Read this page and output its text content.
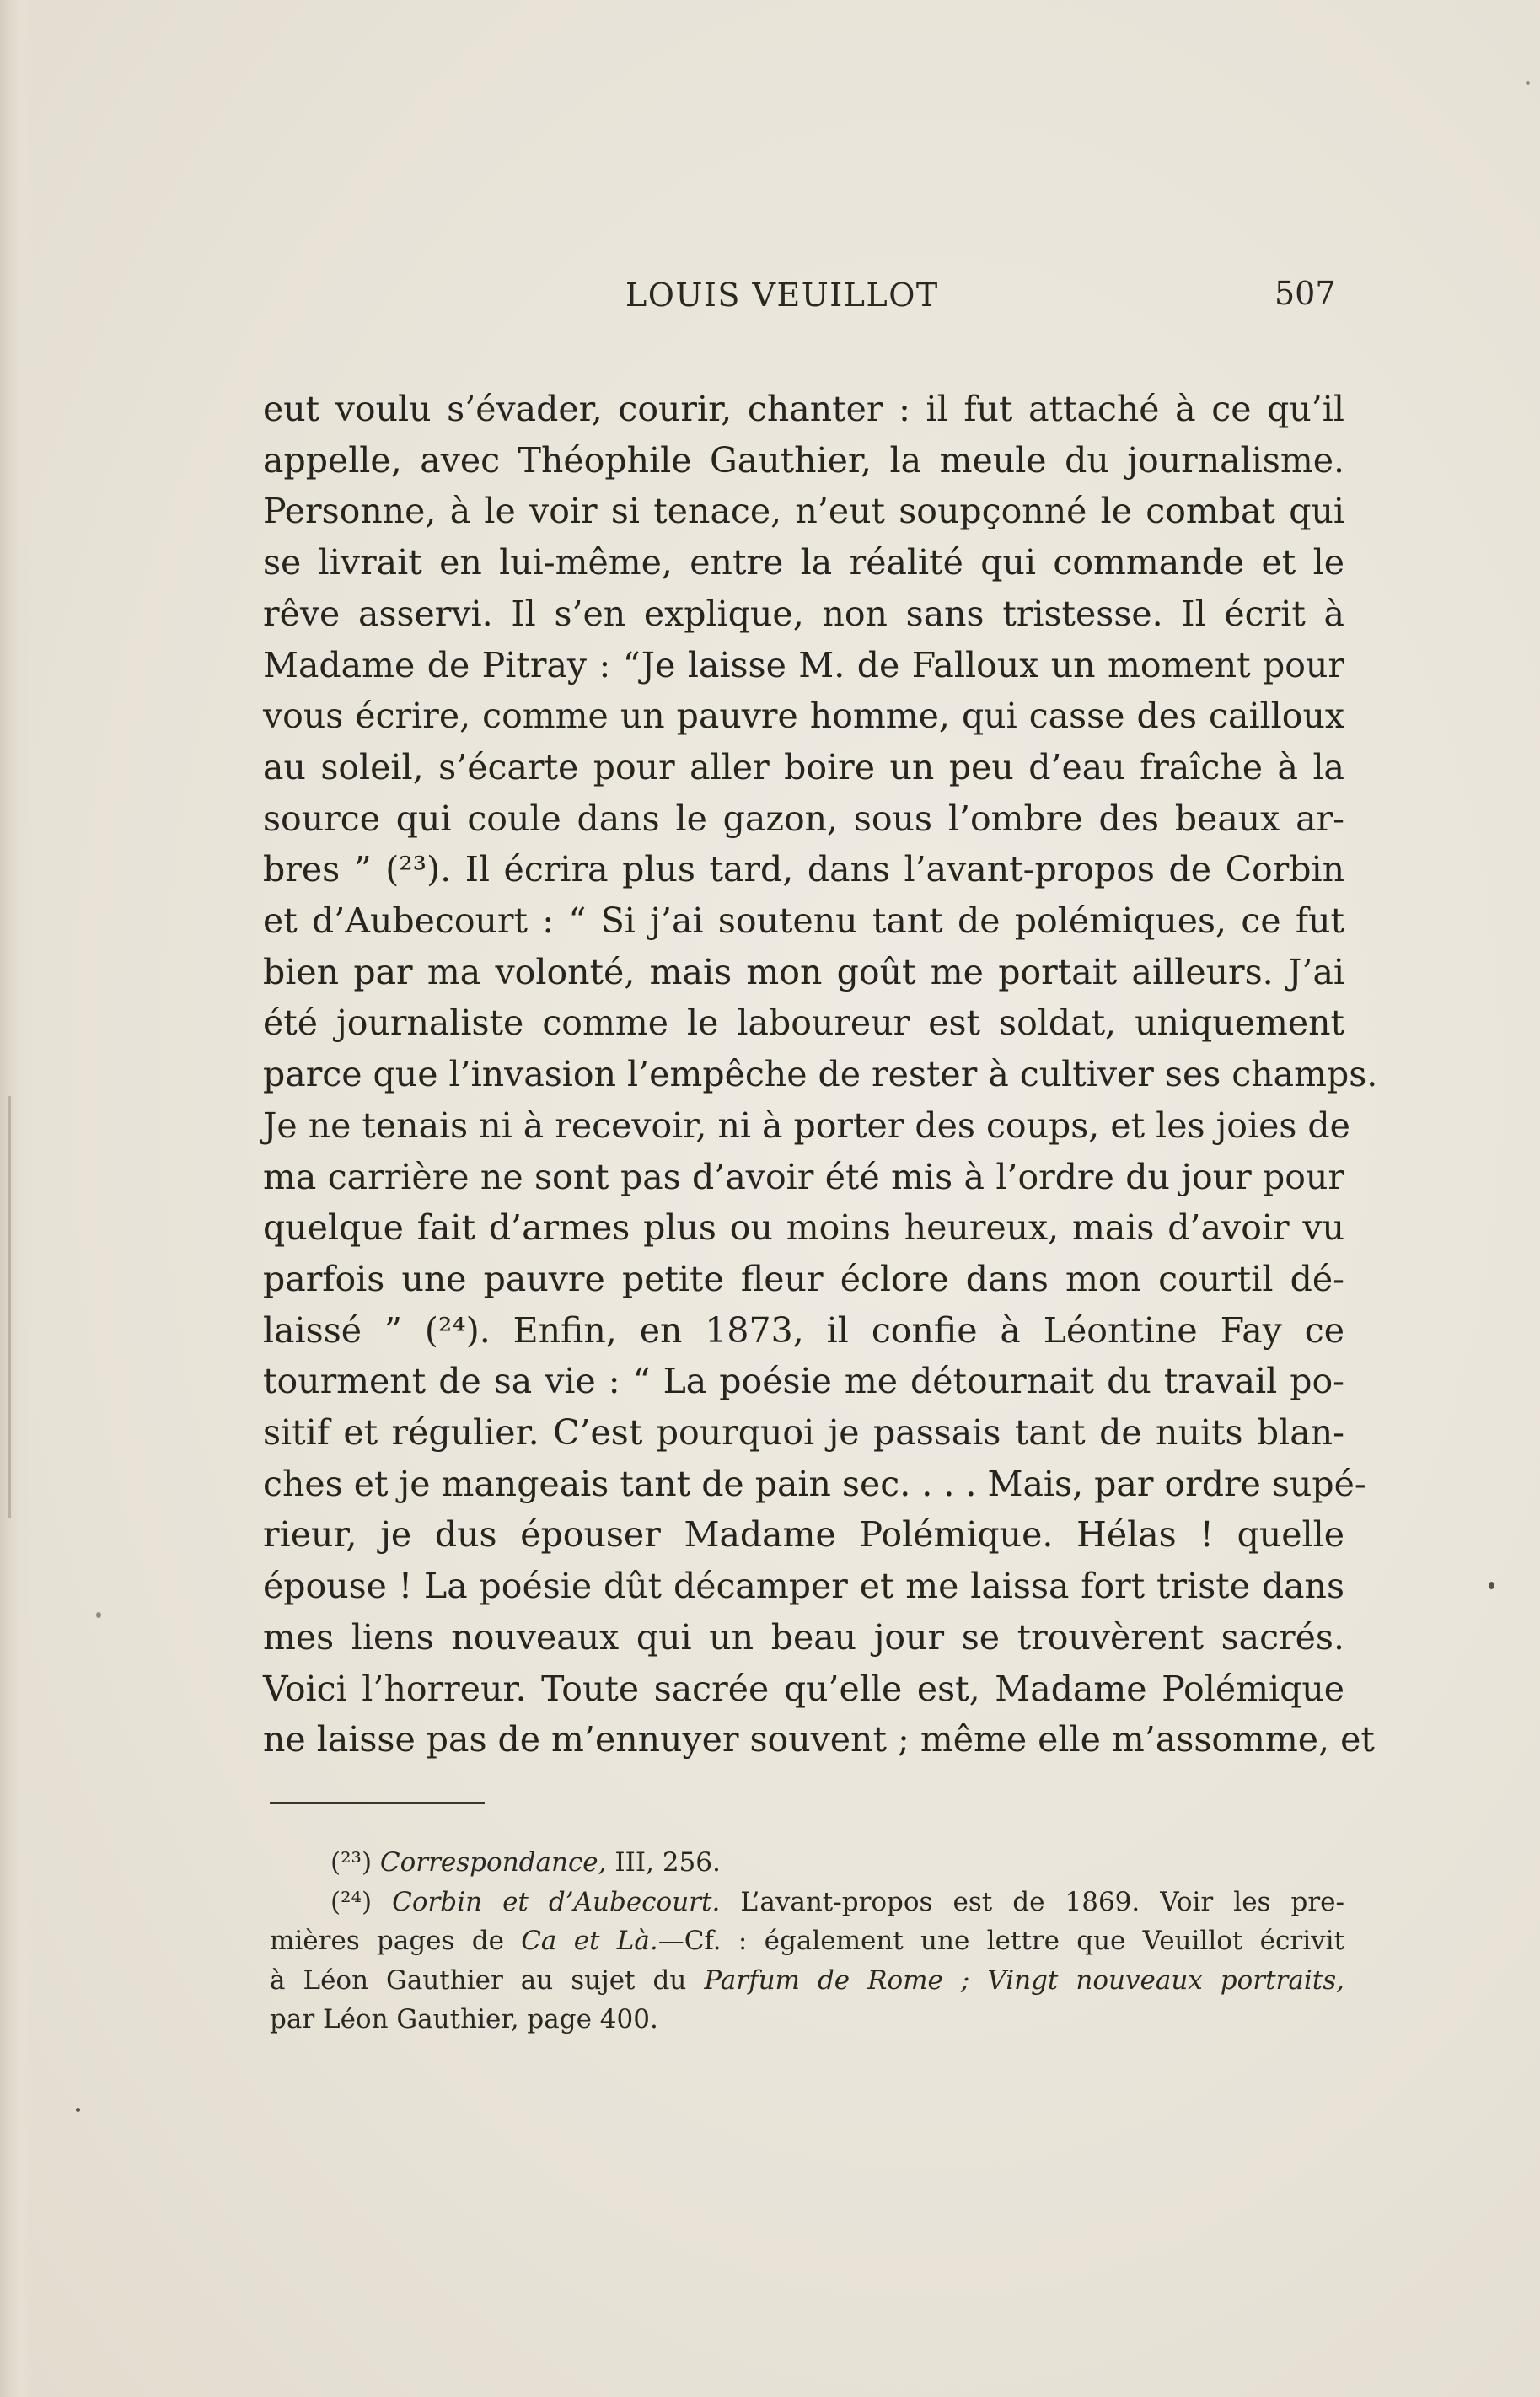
LOUIS VEUILLOT	507
eut voulu s’évader, courir, chanter : il fut attaché à ce qu’il
appelle, avec Théophile Gauthier, la meule du journalisme.
Personne, à le voir si tenace, n’eut soupçonné le combat qui
se livrait en lui-même, entre la réalité qui commande et le
rêve asservi. Il s’en explique, non sans tristesse. Il écrit à
Madame de Pitray : “Je laisse M. de Falloux un moment pour
vous écrire, comme un pauvre homme, qui casse des cailloux
au soleil, s’écarte pour aller boire un peu d’eau fraîche à la
source qui coule dans le gazon, sous l’ombre des beaux ar-
bres ” (²³). Il écrira plus tard, dans l’avant-propos de Corbin
et d’Aubecourt : “ Si j’ai soutenu tant de polémiques, ce fut
bien par ma volonté, mais mon goût me portait ailleurs. J’ai
été journaliste comme le laboureur est soldat, uniquement
parce que l’invasion l’empêche de rester à cultiver ses champs.
Je ne tenais ni à recevoir, ni à porter des coups, et les joies de
ma carrière ne sont pas d’avoir été mis à l’ordre du jour pour
quelque fait d’armes plus ou moins heureux, mais d’avoir vu
parfois une pauvre petite fleur éclore dans mon courtil dé-
laissé ” (²⁴). Enfin, en 1873, il confie à Léontine Fay ce
tourment de sa vie : “ La poésie me détournait du travail po-
sitif et régulier. C’est pourquoi je passais tant de nuits blan-
ches et je mangeais tant de pain sec. . . . Mais, par ordre supé-
rieur, je dus épouser Madame Polémique. Hélas ! quelle
épouse ! La poésie dût décamper et me laissa fort triste dans
mes liens nouveaux qui un beau jour se trouvèrent sacrés.
Voici l’horreur. Toute sacrée qu’elle est, Madame Polémique
ne laisse pas de m’ennuyer souvent ; même elle m’assomme, et
(²³) Correspondance, III, 256.
(²⁴) Corbin et d’Aubecourt. L’avant-propos est de 1869. Voir les pre-
mières pages de Ca et Là.—Cf. : également une lettre que Veuillot écrivit
à Léon Gauthier au sujet du Parfum de Rome ; Vingt nouveaux portraits,
par Léon Gauthier, page 400.
